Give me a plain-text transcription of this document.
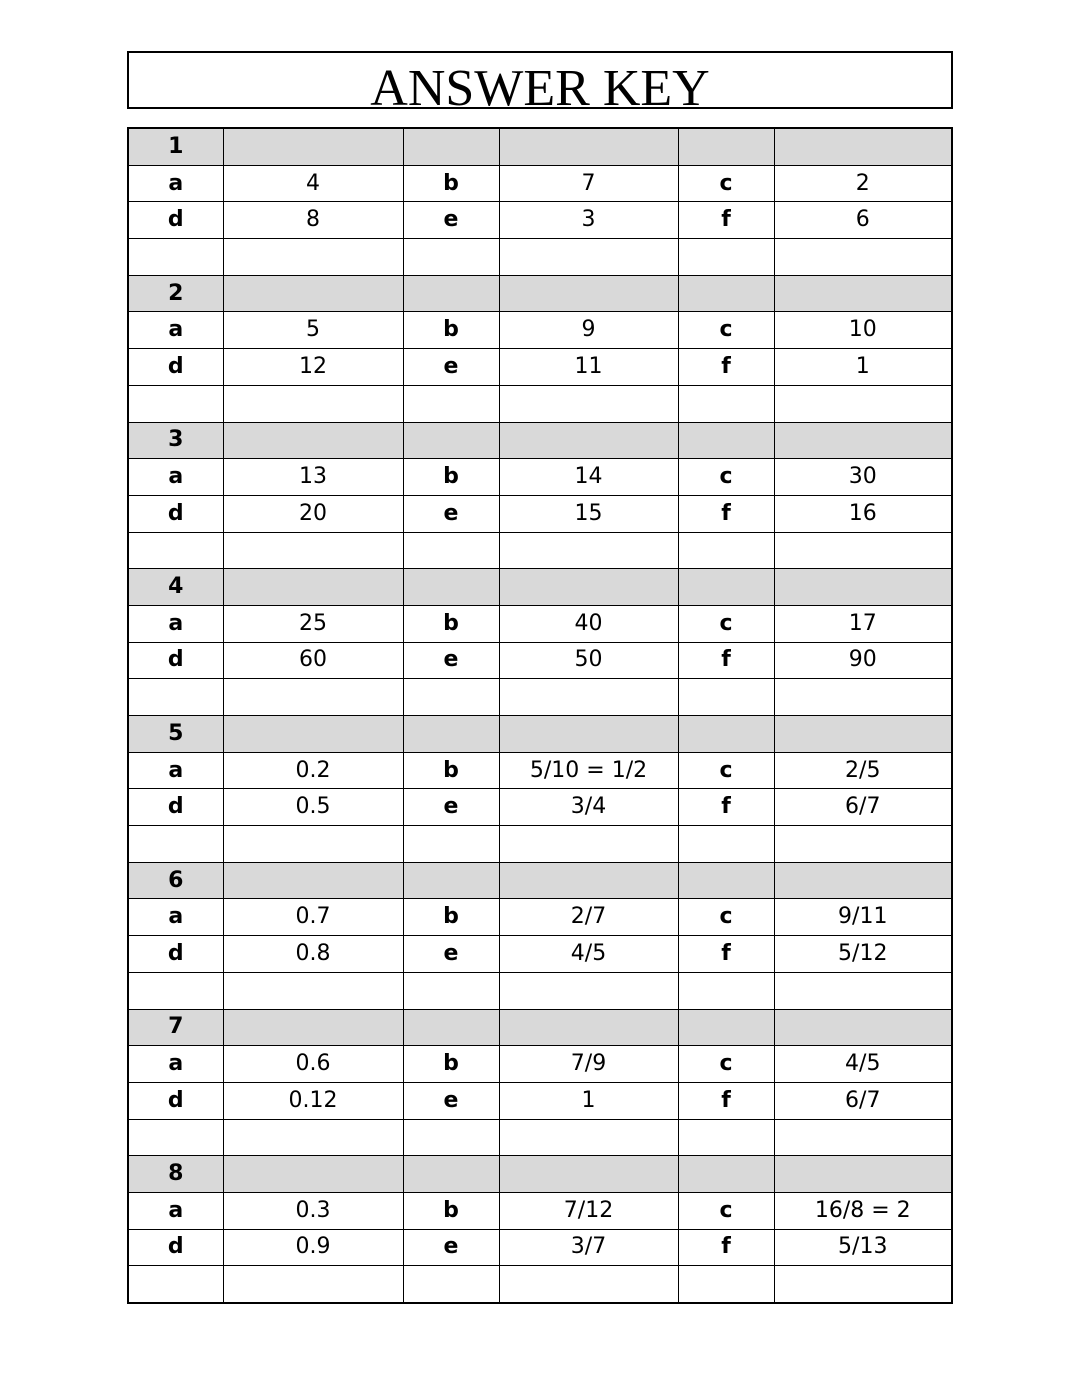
ANSWER KEY
1					
a	4	b	7	c	2
d	8	e	3	f	6

2					
a	5	b	9	c	10
d	12	e	11	f	1

3					
a	13	b	14	c	30
d	20	e	15	f	16

4					
a	25	b	40	c	17
d	60	e	50	f	90

5					
a	0.2	b	5/10 = 1/2	c	2/5
d	0.5	e	3/4	f	6/7

6					
a	0.7	b	2/7	c	9/11
d	0.8	e	4/5	f	5/12

7					
a	0.6	b	7/9	c	4/5
d	0.12	e	1	f	6/7

8					
a	0.3	b	7/12	c	16/8 = 2
d	0.9	e	3/7	f	5/13
